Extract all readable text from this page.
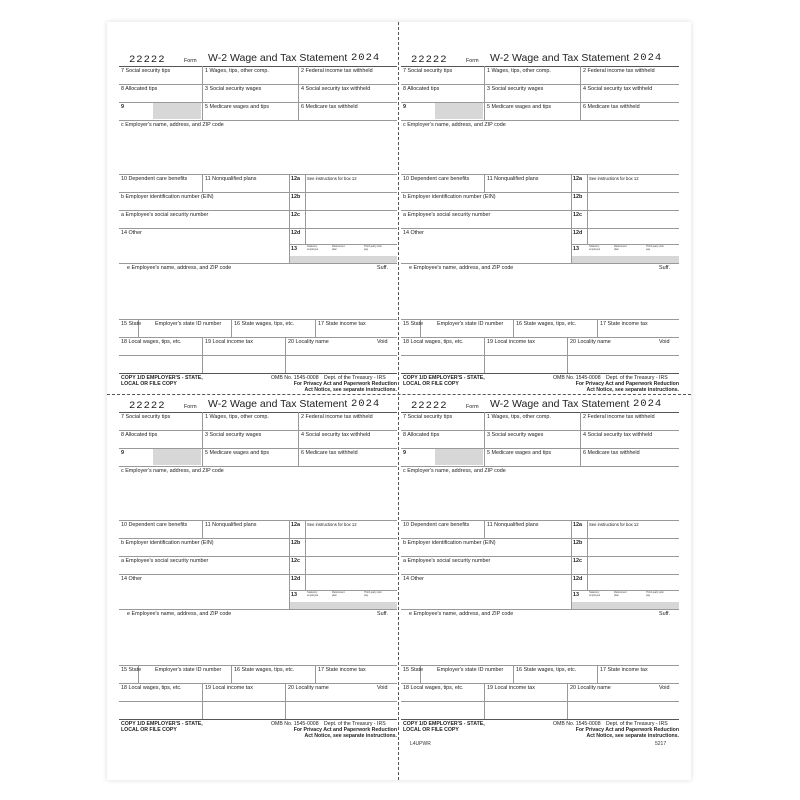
L4UPWR	5217
22222	Form W-2 Wage and Tax Statement 2024
7 Social security tips	1 Wages, tips, other comp.	2 Federal income tax withheld
8 Allocated tips	3 Social security wages	4 Social security tax withheld
9	5 Medicare wages and tips	6 Medicare tax withheld
c Employer's name, address, and ZIP code
10 Dependent care benefits	11 Nonqualified plans	12a See instructions for box 12
b Employer identification number (EIN)	12b
a Employee's social security number	12c
14 Other	12d
13	Statutory employee
Retirement plan
Third-party sick pay
e Employee's name, address, and ZIP code	Suff.
15 State	Employer's state ID number 16 State wages, tips, etc.	17 State income tax
18 Local wages, tips, etc.	19 Local income tax	20 Locality name	Void
COPY 1/D EMPLOYER'S - STATE,
LOCAL OR FILE COPY
OMB No. 1545-0008 Dept. of the Treasury - IRS
For Privacy Act and Paperwork Reduction
Act Notice, see separate instructions.
22222	Form W-2 Wage and Tax Statement 2024
7 Social security tips	1 Wages, tips, other comp.	2 Federal income tax withheld
8 Allocated tips	3 Social security wages	4 Social security tax withheld
9	5 Medicare wages and tips	6 Medicare tax withheld
c Employer's name, address, and ZIP code
10 Dependent care benefits	11 Nonqualified plans	12a See instructions for box 12
b Employer identification number (EIN)	12b
a Employee's social security number	12c
14 Other	12d
13	Statutory employee
Retirement plan
Third-party sick pay
e Employee's name, address, and ZIP code	Suff.
15 State	Employer's state ID number 16 State wages, tips, etc.	17 State income tax
18 Local wages, tips, etc.	19 Local income tax	20 Locality name	Void
COPY 1/D EMPLOYER'S - STATE,
LOCAL OR FILE COPY
OMB No. 1545-0008 Dept. of the Treasury - IRS
For Privacy Act and Paperwork Reduction
Act Notice, see separate instructions.
22222	Form W-2 Wage and Tax Statement 2024
7 Social security tips	1 Wages, tips, other comp.	2 Federal income tax withheld
8 Allocated tips	3 Social security wages	4 Social security tax withheld
9	5 Medicare wages and tips	6 Medicare tax withheld
c Employer's name, address, and ZIP code
10 Dependent care benefits	11 Nonqualified plans	12a See instructions for box 12
b Employer identification number (EIN)	12b
a Employee's social security number	12c
14 Other	12d
13	Statutory employee
Retirement plan
Third-party sick pay
e Employee's name, address, and ZIP code	Suff.
15 State	Employer's state ID number 16 State wages, tips, etc.	17 State income tax
18 Local wages, tips, etc.	19 Local income tax	20 Locality name	Void
COPY 1/D EMPLOYER'S - STATE,
LOCAL OR FILE COPY
OMB No. 1545-0008 Dept. of the Treasury - IRS
For Privacy Act and Paperwork Reduction
Act Notice, see separate instructions.
22222	Form W-2 Wage and Tax Statement 2024
7 Social security tips	1 Wages, tips, other comp.	2 Federal income tax withheld
8 Allocated tips	3 Social security wages	4 Social security tax withheld
9	5 Medicare wages and tips	6 Medicare tax withheld
c Employer's name, address, and ZIP code
10 Dependent care benefits	11 Nonqualified plans	12a See instructions for box 12
b Employer identification number (EIN)	12b
a Employee's social security number	12c
14 Other	12d
13	Statutory employee
Retirement plan
Third-party sick pay
e Employee's name, address, and ZIP code	Suff.
15 State	Employer's state ID number 16 State wages, tips, etc.	17 State income tax
18 Local wages, tips, etc.	19 Local income tax	20 Locality name	Void
COPY 1/D EMPLOYER'S - STATE,
LOCAL OR FILE COPY
OMB No. 1545-0008 Dept. of the Treasury - IRS
For Privacy Act and Paperwork Reduction
Act Notice, see separate instructions.
